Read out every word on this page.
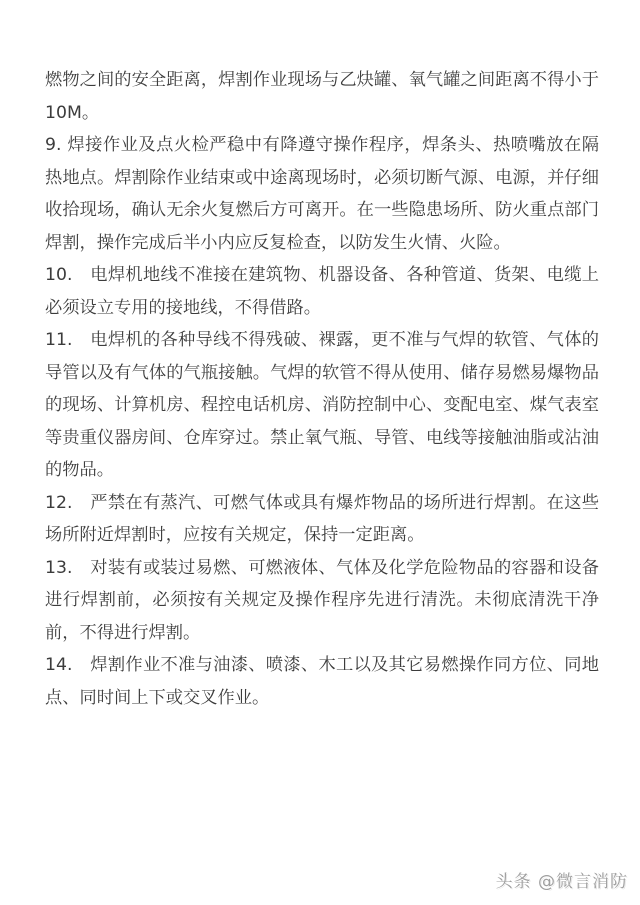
燃物之间的安全距离，焊割作业现场与乙炔罐、氧气罐之间距离不得小于10M。

9. 焊接作业及点火检严稳中有降遵守操作程序，焊条头、热喷嘴放在隔热地点。焊割除作业结束或中途离现场时，必须切断气源、电源，并仔细收拾现场，确认无余火复燃后方可离开。在一些隐患场所、防火重点部门焊割，操作完成后半小内应反复检查，以防发生火情、火险。

10.　电焊机地线不准接在建筑物、机器设备、各种管道、货架、电缆上必须设立专用的接地线，不得借路。

11.　电焊机的各种导线不得残破、裸露，更不准与气焊的软管、气体的导管以及有气体的气瓶接触。气焊的软管不得从使用、储存易燃易爆物品的现场、计算机房、程控电话机房、消防控制中心、变配电室、煤气表室等贵重仪器房间、仓库穿过。禁止氧气瓶、导管、电线等接触油脂或沾油的物品。

12.　严禁在有蒸汽、可燃气体或具有爆炸物品的场所进行焊割。在这些场所附近焊割时，应按有关规定，保持一定距离。

13.　对装有或装过易燃、可燃液体、气体及化学危险物品的容器和设备进行焊割前，必须按有关规定及操作程序先进行清洗。未彻底清洗干净前，不得进行焊割。

14.　焊割作业不准与油漆、喷漆、木工以及其它易燃操作同方位、同地点、同时间上下或交叉作业。

头条 @微言消防
